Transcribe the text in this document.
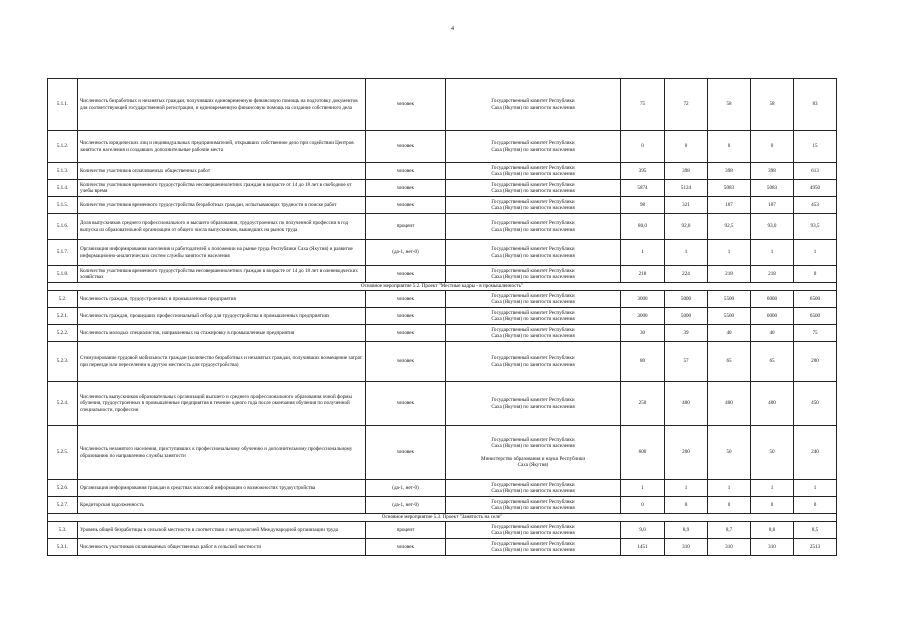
4
5.1.1.	Численность безработных и незанятых граждан, получивших единовременную финансовую помощь на подготовку документов для соответствующей государственной регистрации, и единовременную финансовую помощь на создание собственного дела	человек	Государственный комитет Республики
Саха (Якутия) по занятости населения	75	72	58	58	83
5.1.2.	Численность юридических лиц и индивидуальных предпринимателей, открывших собственное дело при содействии Центров занятости населения и создавших дополнительные рабочие места	человек	Государственный комитет Республики
Саха (Якутия) по занятости населения	0	0	0	0	15
5.1.3.	Количество участников оплачиваемых общественных работ	человек	Государственный комитет Республики
Саха (Якутия) по занятости населения	395	398	398	398	613
5.1.4.	Количество участников временного трудоустройства несовершеннолетних граждан в возрасте от 14 до 18 лет в свободное от учебы время	человек	Государственный комитет Республики
Саха (Якутия) по занятости населения	5874	5124	5083	5083	4950
5.1.5.	Количество участников временного трудоустройства безработных граждан, испытывающих трудности в поиске работ	человек	Государственный комитет Республики
Саха (Якутия) по занятости населения	98	321	107	107	453
5.1.6.	Доля выпускников среднего профессионального и высшего образования, трудоустроенных по полученной профессии в год выпуска из образовательной организации от общего числа выпускников, вышедших на рынок труда	процент	Государственный комитет Республики
Саха (Якутия) по занятости населения	80,0	92,0	92,5	93,0	93,5
5.1.7.	Организация информирования населения и работодателей о положении на рынке труда Республики Саха (Якутия) и развитие информационно-аналитических систем службы занятости населения	(да-1, нет-0)	Государственный комитет Республики
Саха (Якутия) по занятости населения	1	1	1	1	1
5.1.8.	Количество участников временного трудоустройства несовершеннолетних граждан в возрасте от 14 до 18 лет в оленеводческих хозяйствах	человек	Государственный комитет Республики
Саха (Якутия) по занятости населения	218	224	218	218	0
Основное мероприятие 5.2. Проект "Местные кадры - в промышленность"								
5.2.	Численность граждан, трудоустроенных в промышленные предприятия	человек	Государственный комитет Республики
Саха (Якутия) по занятости населения	3000	5000	5500	6000	6500
5.2.1.	Численность граждан, прошедших профессиональный отбор для трудоустройства в промышленных предприятиях	человек	Государственный комитет Республики
Саха (Якутия) по занятости населения	3000	5000	5500	6000	6500
5.2.2.	Численность молодых специалистов, направленных на стажировку в промышленные предприятия	человек	Государственный комитет Республики
Саха (Якутия) по занятости населения	30	39	40	40	75
5.2.3.	Стимулирование трудовой мобильности граждан (количество безработных и незанятых граждан, получивших возмещение затрат при переезде или переселении в другую местность для трудоустройства)	человек	Государственный комитет Республики
Саха (Якутия) по занятости населения	80	57	65	65	200
5.2.4.	Численность выпускников образовательных организаций высшего и среднего профессионального образования очной формы обучения, трудоустроенных в промышленные предприятия в течение одного года после окончания обучения по полученной специальности, профессии	человек	Государственный комитет Республики
Саха (Якутия) по занятости населения	250	400	400	400	450
5.2.5.	Численность незанятого населения, приступивших к профессиональному обучению и дополнительному профессиональному образованию по направлению службы занятости	человек	Государственный комитет Республики
Саха (Якутия) по занятости населения

Министерство образования и науки Республики
Саха (Якутия)	600	200	50	50	240
5.2.6.	Организация информирования граждан в средствах массовой информации о возможностях трудоустройства	(да-1, нет-0)	Государственный комитет Республики
Саха (Якутия) по занятости населения	1	1	1	1	1
5.2.7.	Кредиторская задолженность	(да-1, нет-0)	Государственный комитет Республики
Саха (Якутия) по занятости населения	0	0	0	0	0
Основное мероприятие 5.3. Проект "Занятость на селе"								
5.3.	Уровень общей безработицы в сельской местности в соответствии с методологией Международной организации труда	процент	Государственный комитет Республики
Саха (Якутия) по занятости населения	9,0	8,9	8,7	8,6	8,5
5.3.1.	Численность участников оплачиваемых общественных работ в сельской местности	человек	Государственный комитет Республики
Саха (Якутия) по занятости населения	1451	310	310	310	2513
